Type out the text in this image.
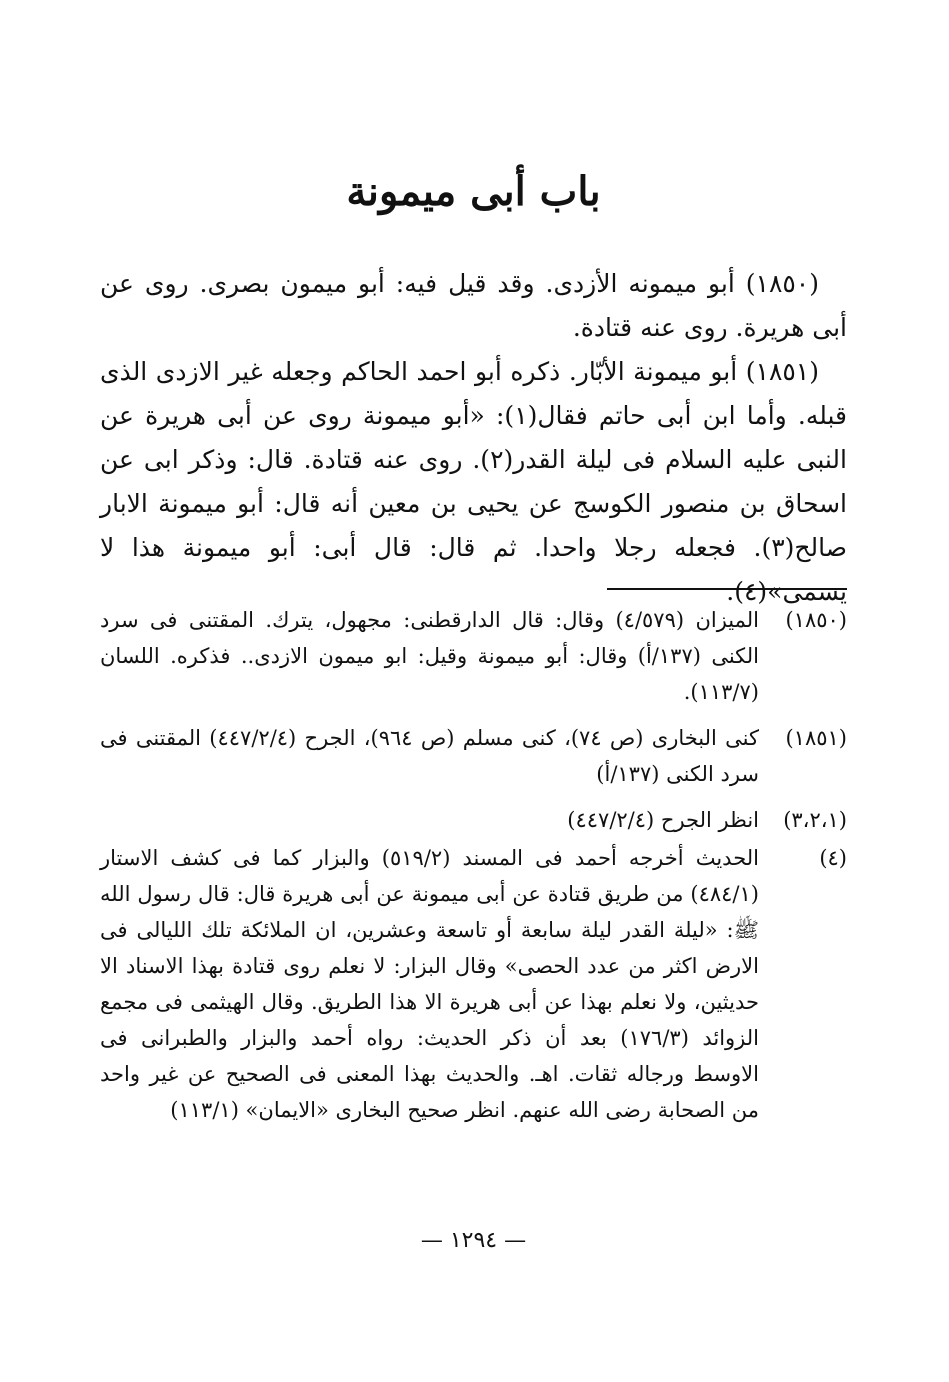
باب أبى ميمونة

(١٨٥٠) أبو ميمونه الأزدى. وقد قيل فيه: أبو ميمون بصرى. روى عن أبى هريرة. روى عنه قتادة.

(١٨٥١) أبو ميمونة الأبّار. ذكره أبو احمد الحاكم وجعله غير الازدى الذى قبله. وأما ابن أبى حاتم فقال(١): «أبو ميمونة روى عن أبى هريرة عن النبى عليه السلام فى ليلة القدر(٢). روى عنه قتادة. قال: وذكر ابى عن اسحاق بن منصور الكوسج عن يحيى بن معين أنه قال: أبو ميمونة الابار صالح(٣). فجعله رجلا واحدا. ثم قال: قال أبى: أبو ميمونة هذا لا يسمى»(٤).

(١٨٥٠)
الميزان (٤/٥٧٩) وقال: قال الدارقطنى: مجهول، يترك. المقتنى فى سرد الكنى (١٣٧/أ) وقال: أبو ميمونة وقيل: ابو ميمون الازدى.. فذكره. اللسان (١١٣/٧).
(١٨٥١)
كنى البخارى (ص ٧٤)، كنى مسلم (ص ٩٦٤)، الجرح (٤٤٧/٢/٤) المقتنى فى سرد الكنى (١٣٧/أ)
(٣،٢،١)
انظر الجرح (٤٤٧/٢/٤)
(٤)
الحديث أخرجه أحمد فى المسند (٥١٩/٢) والبزار كما فى كشف الاستار (٤٨٤/١) من طريق قتادة عن أبى ميمونة عن أبى هريرة قال: قال رسول الله ﷺ: «ليلة القدر ليلة سابعة أو تاسعة وعشرين، ان الملائكة تلك الليالى فى الارض اكثر من عدد الحصى» وقال البزار: لا نعلم روى قتادة بهذا الاسناد الا حديثين، ولا نعلم بهذا عن أبى هريرة الا هذا الطريق. وقال الهيثمى فى مجمع الزوائد (١٧٦/٣) بعد أن ذكر الحديث: رواه أحمد والبزار والطبرانى فى الاوسط ورجاله ثقات. اهـ. والحديث بهذا المعنى فى الصحيح عن غير واحد من الصحابة رضى الله عنهم. انظر صحيح البخارى «الايمان» (١١٣/١)
— ١٢٩٤ —
